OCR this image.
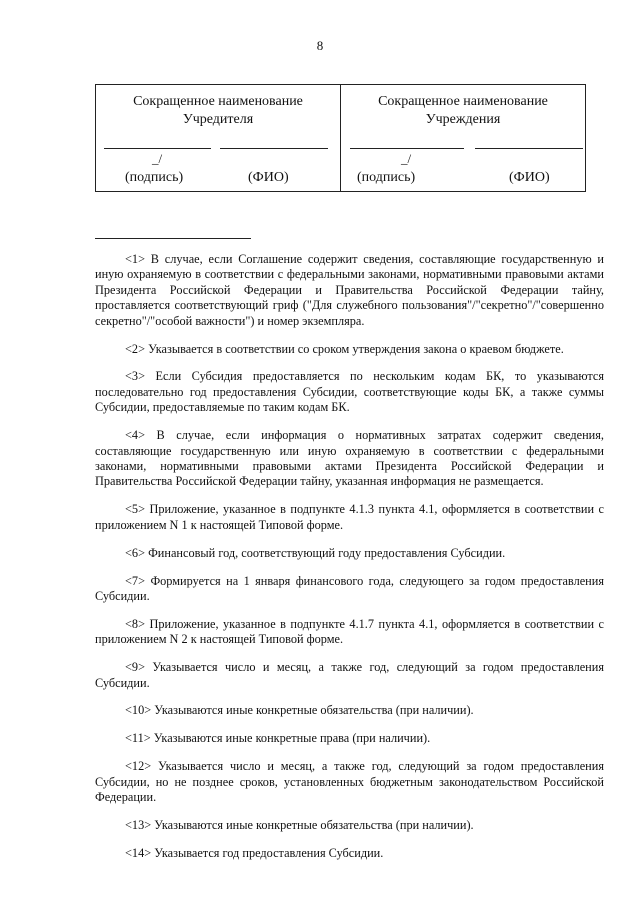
8
Сокращенное наименование
Учредителя
_/
(подпись)	(ФИО)
Сокращенное наименование
Учреждения
_/
(подпись)	(ФИО)

<1> В случае, если Соглашение содержит сведения, составляющие государственную и иную охраняемую в соответствии с федеральными законами, нормативными правовыми актами Президента Российской Федерации и Правительства Российской Федерации тайну, проставляется соответствующий гриф ("Для служебного пользования"/"секретно"/"совершенно секретно"/"особой важности") и номер экземпляра.

<2> Указывается в соответствии со сроком утверждения закона о краевом бюджете.

<3> Если Субсидия предоставляется по нескольким кодам БК, то указываются последовательно год предоставления Субсидии, соответствующие коды БК, а также суммы Субсидии, предоставляемые по таким кодам БК.

<4> В случае, если информация о нормативных затратах содержит сведения, составляющие государственную или иную охраняемую в соответствии с федеральными законами, нормативными правовыми актами Президента Российской Федерации и Правительства Российской Федерации тайну, указанная информация не размещается.

<5> Приложение, указанное в подпункте 4.1.3 пункта 4.1, оформляется в соответствии с приложением N 1 к настоящей Типовой форме.

<6> Финансовый год, соответствующий году предоставления Субсидии.

<7> Формируется на 1 января финансового года, следующего за годом предоставления Субсидии.

<8> Приложение, указанное в подпункте 4.1.7 пункта 4.1, оформляется в соответствии с приложением N 2 к настоящей Типовой форме.

<9> Указывается число и месяц, а также год, следующий за годом предоставления Субсидии.

<10> Указываются иные конкретные обязательства (при наличии).

<11> Указываются иные конкретные права (при наличии).

<12> Указывается число и месяц, а также год, следующий за годом предоставления Субсидии, но не позднее сроков, установленных бюджетным законодательством Российской Федерации.

<13> Указываются иные конкретные обязательства (при наличии).

<14> Указывается год предоставления Субсидии.
